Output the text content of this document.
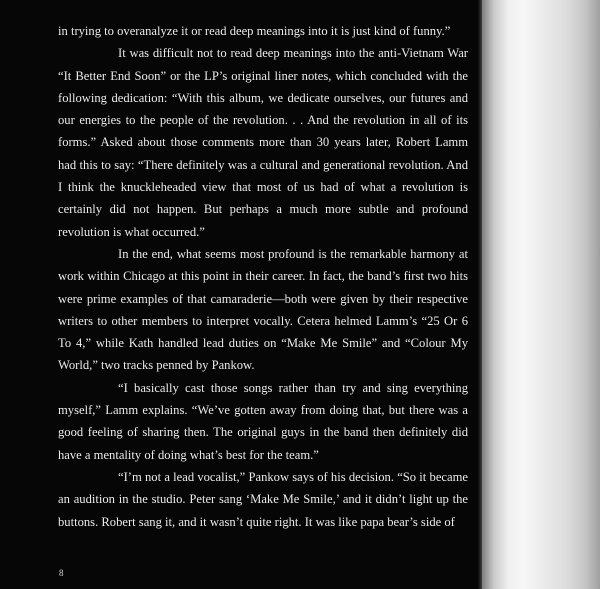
in trying to overanalyze it or read deep meanings into it is just kind of funny.”

It was difficult not to read deep meanings into the anti-Vietnam War “It Better End Soon” or the LP’s original liner notes, which concluded with the following dedication: “With this album, we dedicate ourselves, our futures and our energies to the people of the revolution. . . And the revolution in all of its forms.” Asked about those comments more than 30 years later, Robert Lamm had this to say: “There definitely was a cultural and generational revolution. And I think the knuckleheaded view that most of us had of what a revolution is certainly did not happen. But perhaps a much more subtle and profound revolution is what occurred.”

In the end, what seems most profound is the remarkable harmony at work within Chicago at this point in their career. In fact, the band’s first two hits were prime examples of that camaraderie—both were given by their respective writers to other members to interpret vocally. Cetera helmed Lamm’s “25 Or 6 To 4,” while Kath handled lead duties on “Make Me Smile” and “Colour My World,” two tracks penned by Pankow.

“I basically cast those songs rather than try and sing everything myself,” Lamm explains. “We’ve gotten away from doing that, but there was a good feeling of sharing then. The original guys in the band then definitely did have a mentality of doing what’s best for the team.”

“I’m not a lead vocalist,” Pankow says of his decision. “So it became an audition in the studio. Peter sang ‘Make Me Smile,’ and it didn’t light up the buttons. Robert sang it, and it wasn’t quite right. It was like papa bear’s side of

8
